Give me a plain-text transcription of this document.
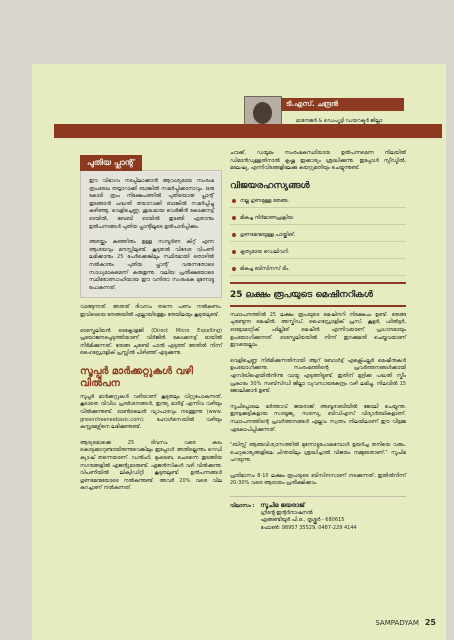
ടി.എസ്. ചന്ദ്രൻ
മാനേജർ & ഡെപ്യൂട്ടി ഡയറക്ടർ ജില്ലാ
പുതിയ പ്ലാന്റ്

ഈ വിഭാഗം നടപ്പിലാക്കാൻ ആവശ്യമായ സംരംഭ രൂപരേഖ തയ്യാറാക്കി ബാങ്കിൽ സമർപ്പിക്കാനാവും. ഒരു കോടി രൂപ നിക്ഷേപത്തിൽ പുതിയൊരു പ്ലാന്റ് തുടങ്ങാൻ പദ്ധതി തയാറാക്കി ബാങ്കിൽ സമർപ്പിച്ചു കഴിഞ്ഞു. വെളിച്ചെണ്ണ, ശുദ്ധമായ വെർജിൻ കോക്കനട്ട് ഓയിൽ, ബേബി ഓയിൽ തുടങ്ങി ഏതാനും ഉൽപന്നങ്ങൾ പുതിയ പ്ലാന്റിലൂടെ ഉൽപാദിപ്പിക്കും.

അരയ്ക്കും കുഞ്ഞിനും ഉള്ള സമ്പൂർണ കിറ്റ് എന്ന ആശയവും മനസ്സിലുണ്ട്. കൂടുതൽ വിദേശ വിപണി ലഭിക്കാനും 25 പേർക്കെങ്കിലും സ്ഥിരമായി തൊഴിൽ നൽകാനും പുതിയ പ്ലാന്റ് വരുന്നതോടെ സാധ്യമാകുമെന്ന് കരുതുന്നു. വലിയ പ്രതീക്ഷയോടെ സ്ഥിരോത്സാഹിയായ ഈ വനിതാ സംരംഭക മുന്നോട്ടു പോകുന്നത്.

വാങ്ങുന്നത്. അതത് ദിവസം തന്നെ പണം നൽകണം. ഇവിടെയെ തേങ്ങയിൽ എല്ലായിടത്തും തേയിലയും കൂടുതലുണ്ട്.

ഓസ്ട്രേലിയൻ ടെക്നോളജി (Direct Micro Expelling) പ്രയോജനപ്പെടുത്തിയാണ് വിർജിൻ കോക്കനട്ട് ഓയിൽ നിർമിക്കുന്നത്. തേങ്ങ ചുരണ്ടി പാൽ എടുത്ത് അതിൽ നിന്ന് ഹൈഡ്രോളിക് പ്രസ്സിൽ പിഴിഞ്ഞ് എടുക്കുന്നു.

സൂപ്പർ മാർക്കറ്റുകൾ വഴി വിൽപന

സൂപ്പർ മാർക്കറ്റുകൾ വഴിയാണ് കൂടുതലും വിറ്റുപോകുന്നത്. കൂടാതെ വിവിധ പ്രദർശനങ്ങൾ, ഇന്ത്യ മാർട്ട് എന്നിവ വഴിയും വിൽക്കുന്നുണ്ട്. ഓൺലൈൻ വ്യാപാരവും നടത്തുന്നു (www. greencheeneebasic.com). ഹോൾസെയിൽ വഴിയും കസ്റ്റമേഴ്സിനെ ലഭിക്കുന്നുണ്ട്.

ആദ്യമൊക്കെ 25 ദിവസം വരെ കടം കൊടുക്കാറുണ്ടായിരുന്നുവെങ്കിലും ഇപ്പോൾ അതില്ലെന്നും റെഡി ക്യാഷ് തന്നെയാണ്. ഡൽഹി, മുംബൈ, ചെന്നൈ തുടങ്ങിയ നഗരങ്ങളിൽ ഏജന്റുമാരുണ്ട്. ഏജൻസികൾ വഴി വിൽക്കുന്നു. വിപണിയിൽ ലിക്വിഡിറ്റി കൂടുതലുണ്ട്. ഉൽപന്നങ്ങൾ ഗുണമേന്മയോടെ നൽകുന്നുണ്ട്. അവർ 20% വരെ വില കുറച്ചാണ് നൽകുന്നത്.

ചൗക്ക്, ഡയൂമം സംരംഭകസ്ഥിയായ ഉൽപന്നമെന്ന നിലയിൽ ഡിമാൻഡുള്ളതിനാൽ കൃഷ്ണ ഇക്കാര്യം ശ്രദ്ധിക്കുന്നു. ഇപ്പോൾ സ്പീഡ്മിൽ, മലേഷ്യ, എന്നിവിടങ്ങളിലേക്കു കയറ്റുമതിയും ചെയ്യുന്നുണ്ട്.

വിജയരഹസ്യങ്ങൾ
നല്ല ഗുണമുള്ള തേങ്ങ.
മികച്ച നിർമാണപ്രക്രിയ.
ഗുണമേന്മയുള്ള പായ്ക്കിങ്.
കൃത്യമായ ഡെലിവറി.
മികച്ച ബിസിനസ് ടീം.
25 ലക്ഷം രൂപയുടെ മെഷിനറികൾ

സ്ഥാപനത്തിൽ 25 ലക്ഷം രൂപയുടെ മെഷിനറി നിക്ഷേപം ഉണ്ട്. തേങ്ങ ചുരണ്ടുന്ന മെഷീൻ, അസ്കിഡ്, ഹൈഡ്രോളിക് പ്രസ്, കൂളർ, ഫിൽട്ടർ, ഓട്ടോമാറ്റിക് ഫില്ലിങ് മെഷീൻ എന്നിവയാണ് പ്രധാനമായും ഉപയോഗിക്കുന്നത്. ഓസ്ട്രേലിയയിൽ നിന്ന് ഇറക്കുമതി ചെയ്തവയാണ് ഇവയെല്ലാം.

വെളിച്ചെണ്ണ നിർമിക്കുന്നതിനായി ആറ് ബോൾട്ട് എക്സ്പെല്ലർ മെഷീനുകൾ ഉപയോഗിക്കുന്നു. സംരംഭത്തിന്റെ പ്രവർത്തനങ്ങൾക്കായി എസ്ബിഐയിൽനിന്നു വായ്പ എടുത്തിട്ടുണ്ട്. ഇതിന് മുദ്രിക്ക പദ്ധതി സ്കീം പ്രകാരം 30% സബ്സിഡി ജില്ലാ വ്യവസായകേന്ദ്രം വഴി ലഭിച്ചു. നിലവിൽ 15 ജോലിക്കാർ ഉണ്ട്.

സൂചിപ്പോലെ ഭർത്താവ് ജയരാജ് അബൂദാബിയിൽ ജോലി ചെയ്യുന്നു. ഇരട്ടക്കുട്ടികളായ സായൂജ്യ, സരസ്യ, ബിഡിഎസ് വിദ്യാർത്ഥികളാണ്. സ്ഥാപനത്തിന്റെ പ്രവർത്തനങ്ങൾ എല്ലാം സ്വന്തം നിലയിലാണ് ഈ വീട്ടമ്മ ഏകോപിപ്പിക്കുന്നത്.

"ബിസ്സ് ആത്മവിശ്വാസത്തിൽ മുന്നോട്ടുപോകുമ്പോൾ ഉയർച്ച തനിയെ വരും. ചെറുകാര്യങ്ങളിലെ ചിന്തയിലും ശ്രദ്ധിച്ചാൽ വിജയം നമ്മുടേതാണ്." സൂചിമ പറയുന്നു.

പ്രതിമാസം 8-10 ലക്ഷം രൂപയുടെ ബിസിനസാണ് നടക്കുന്നത്. ഇതിൽനിന്ന് 20-30% വരെ ആദായം പ്രതീക്ഷിക്കാം.

വിലാസം : സൂചിമ ജയരാജ്
ഗ്രീൻ്റേ ഇന്റർനാഷനൽ
ഏങ്ങണ്ടിയൂർ പി.ഒ., തൃശ്ശൂർ - 680615
ഫോൺ: 98957 35529, 0487-229 4144
SAMPADYAM 25
